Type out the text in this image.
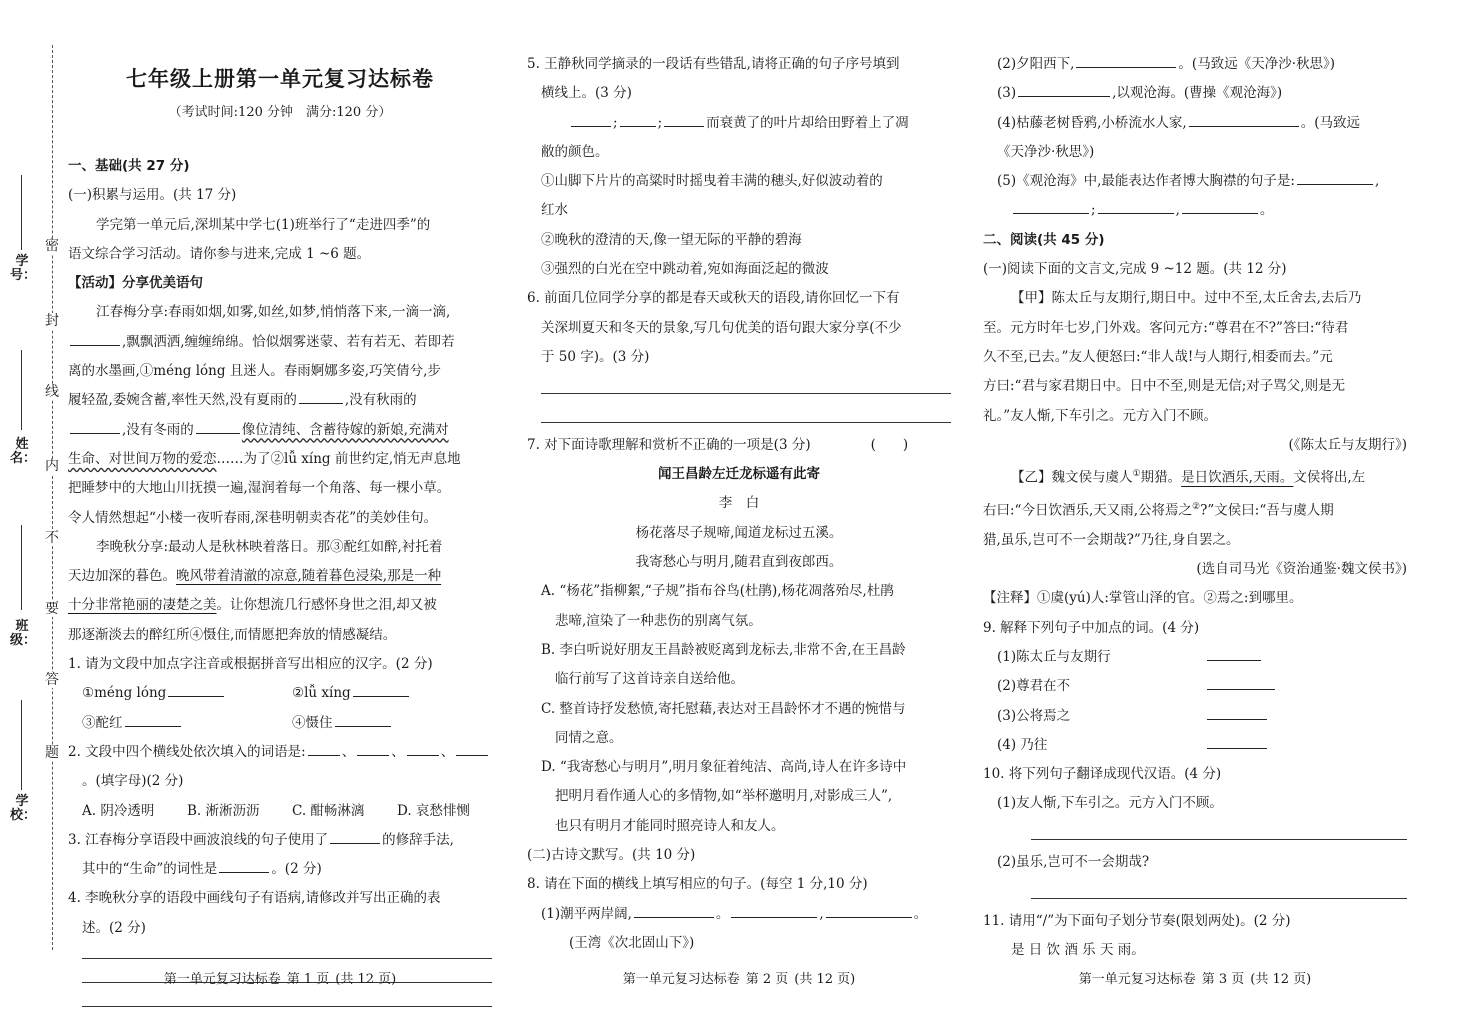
密
封
线
内
不
要
答
题
学号：
姓名：
班级：
学校：
七年级上册第一单元复习达标卷
（考试时间:120 分钟　满分:120 分）
一、基础(共 27 分)
(一)积累与运用。(共 17 分)
学完第一单元后,深圳某中学七(1)班举行了“走进四季”的
语文综合学习活动。请你参与进来,完成 1 ~6 题。
【活动】分享优美语句
江春梅分享:春雨如烟,如雾,如丝,如梦,悄悄落下来,一滴一滴,
,飘飘洒洒,缠缠绵绵。恰似烟雾迷蒙、若有若无、若即若
离的水墨画,①méng lóng 且迷人。春雨婀娜多姿,巧笑倩兮,步
履轻盈,委婉含蓄,率性天然,没有夏雨的	,没有秋雨的
,没有冬雨的	像位清纯、含蓄待嫁的新娘,充满对
生命、对世间万物的爱恋……为了②lǚ xíng 前世约定,悄无声息地
把睡梦中的大地山川抚摸一遍,湿润着每一个角落、每一棵小草。
令人情然想起“小楼一夜听春雨,深巷明朝卖杏花”的美妙佳句。
李晚秋分享:最动人是秋林映着落日。那③酡红如醉,衬托着
天边加深的暮色。晚风带着清澈的凉意,随着暮色浸染,那是一种
十分非常艳丽的凄楚之美。让你想流几行感怀身世之泪,却又被
那逐渐淡去的醉红所④慑住,而情愿把奔放的情感凝结。
1. 请为文段中加点字注音或根据拼音写出相应的汉字。(2 分)
①méng lóng	②lǚ xíng
③酡红	④慑住
2. 文段中四个横线处依次填入的词语是:	、	、	、
。(填字母)(2 分)
A. 阴冷透明 B. 淅淅沥沥 C. 酣畅淋漓 D. 哀愁悱恻
3. 江春梅分享语段中画波浪线的句子使用了	的修辞手法,
其中的“生命”的词性是	。(2 分)
4. 李晚秋分享的语段中画线句子有语病,请修改并写出正确的表
述。(2 分)
第一单元复习达标卷 第 1 页 (共 12 页)
5. 王静秋同学摘录的一段话有些错乱,请将正确的句子序号填到
横线上。(3 分)
;	;	而衰黄了的叶片却给田野着上了凋
敝的颜色。
①山脚下片片的高粱时时摇曳着丰满的穗头,好似波动着的
红水
②晚秋的澄清的天,像一望无际的平静的碧海
③强烈的白光在空中跳动着,宛如海面泛起的微波
6. 前面几位同学分享的都是春天或秋天的语段,请你回忆一下有
关深圳夏天和冬天的景象,写几句优美的语句跟大家分享(不少
于 50 字)。(3 分)
7. 对下面诗歌理解和赏析不正确的一项是(3 分)	(　　)
闻王昌龄左迁龙标遥有此寄
李　白
杨花落尽子规啼,闻道龙标过五溪。
我寄愁心与明月,随君直到夜郎西。
A. “杨花”指柳絮,“子规”指布谷鸟(杜鹃),杨花凋落殆尽,杜鹃
悲啼,渲染了一种悲伤的别离气氛。
B. 李白听说好朋友王昌龄被贬离到龙标去,非常不舍,在王昌龄
临行前写了这首诗亲自送给他。
C. 整首诗抒发愁愤,寄托慰藉,表达对王昌龄怀才不遇的惋惜与
同情之意。
D. “我寄愁心与明月”,明月象征着纯洁、高尚,诗人在许多诗中
把明月看作通人心的多情物,如“举杯邀明月,对影成三人”,
也只有明月才能同时照亮诗人和友人。
(二)古诗文默写。(共 10 分)
8. 请在下面的横线上填写相应的句子。(每空 1 分,10 分)
(1)潮平两岸阔,	。	,	。
(王湾《次北固山下》)
第一单元复习达标卷 第 2 页 (共 12 页)
(2)夕阳西下,	。(马致远《天净沙·秋思》)
(3)	,以观沧海。(曹操《观沧海》)
(4)枯藤老树昏鸦,小桥流水人家,	。(马致远
《天净沙·秋思》)
(5)《观沧海》中,最能表达作者博大胸襟的句子是:	,
;	,	。
二、阅读(共 45 分)
(一)阅读下面的文言文,完成 9 ~12 题。(共 12 分)
【甲】陈太丘与友期行,期日中。过中不至,太丘舍去,去后乃
至。元方时年七岁,门外戏。客问元方:“尊君在不?”答曰:“待君
久不至,已去。”友人便怒曰:“非人哉!与人期行,相委而去。”元
方曰:“君与家君期日中。日中不至,则是无信;对子骂父,则是无
礼。”友人惭,下车引之。元方入门不顾。
(《陈太丘与友期行》)
【乙】魏文侯与虞人①期猎。是日饮酒乐,天雨。文侯将出,左
右曰:“今日饮酒乐,天又雨,公将焉之②?”文侯曰:“吾与虞人期
猎,虽乐,岂可不一会期哉?”乃往,身自罢之。
(选自司马光《资治通鉴·魏文侯书》)
【注释】①虞(yú)人:掌管山泽的官。②焉之:到哪里。
9. 解释下列句子中加点的词。(4 分)
(1)陈太丘与友期行
(2)尊君在不
(3)公将焉之
(4) 乃往
10. 将下列句子翻译成现代汉语。(4 分)
(1)友人惭,下车引之。元方入门不顾。
(2)虽乐,岂可不一会期哉?
11. 请用“/”为下面句子划分节奏(限划两处)。(2 分)
是 日 饮 酒 乐 天 雨。
第一单元复习达标卷 第 3 页 (共 12 页)
